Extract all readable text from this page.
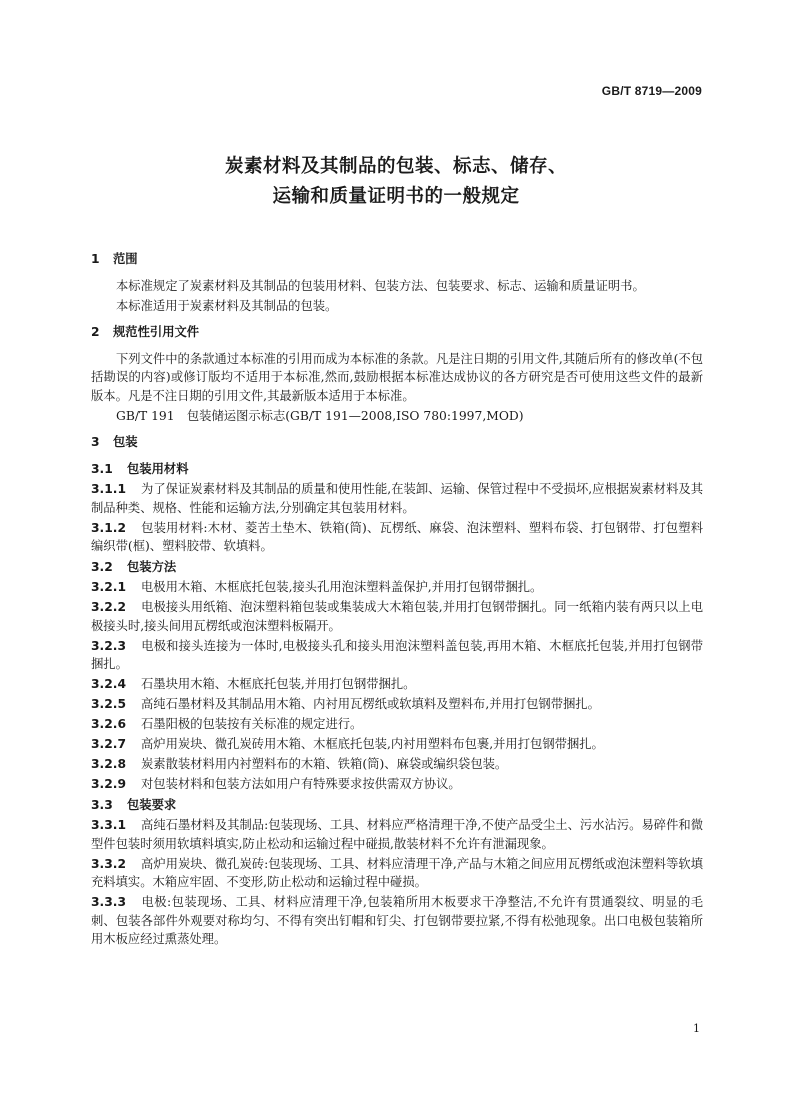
GB/T 8719—2009
炭素材料及其制品的包装、标志、储存、
运输和质量证明书的一般规定
1 范围
本标准规定了炭素材料及其制品的包装用材料、包装方法、包装要求、标志、运输和质量证明书。
本标准适用于炭素材料及其制品的包装。
2 规范性引用文件
下列文件中的条款通过本标准的引用而成为本标准的条款。凡是注日期的引用文件,其随后所有的修改单(不包括勘误的内容)或修订版均不适用于本标准,然而,鼓励根据本标准达成协议的各方研究是否可使用这些文件的最新版本。凡是不注日期的引用文件,其最新版本适用于本标准。
GB/T 191　包装储运图示标志(GB/T 191—2008,ISO 780:1997,MOD)
3 包装
3.1 包装用材料
3.1.1 为了保证炭素材料及其制品的质量和使用性能,在装卸、运输、保管过程中不受损坏,应根据炭素材料及其制品种类、规格、性能和运输方法,分别确定其包装用材料。
3.1.2 包装用材料:木材、菱苦土垫木、铁箱(筒)、瓦楞纸、麻袋、泡沫塑料、塑料布袋、打包钢带、打包塑料编织带(框)、塑料胶带、软填料。
3.2 包装方法
3.2.1 电极用木箱、木框底托包装,接头孔用泡沫塑料盖保护,并用打包钢带捆扎。
3.2.2 电极接头用纸箱、泡沫塑料箱包装或集装成大木箱包装,并用打包钢带捆扎。同一纸箱内装有两只以上电极接头时,接头间用瓦楞纸或泡沫塑料板隔开。
3.2.3 电极和接头连接为一体时,电极接头孔和接头用泡沫塑料盖包装,再用木箱、木框底托包装,并用打包钢带捆扎。
3.2.4 石墨块用木箱、木框底托包装,并用打包钢带捆扎。
3.2.5 高纯石墨材料及其制品用木箱、内衬用瓦楞纸或软填料及塑料布,并用打包钢带捆扎。
3.2.6 石墨阳极的包装按有关标准的规定进行。
3.2.7 高炉用炭块、微孔炭砖用木箱、木框底托包装,内衬用塑料布包裹,并用打包钢带捆扎。
3.2.8 炭素散装材料用内衬塑料布的木箱、铁箱(筒)、麻袋或编织袋包装。
3.2.9 对包装材料和包装方法如用户有特殊要求按供需双方协议。
3.3 包装要求
3.3.1 高纯石墨材料及其制品:包装现场、工具、材料应严格清理干净,不使产品受尘土、污水沾污。易碎件和微型件包装时须用软填料填实,防止松动和运输过程中碰损,散装材料不允许有泄漏现象。
3.3.2 高炉用炭块、微孔炭砖:包装现场、工具、材料应清理干净,产品与木箱之间应用瓦楞纸或泡沫塑料等软填充料填实。木箱应牢固、不变形,防止松动和运输过程中碰损。
3.3.3 电极:包装现场、工具、材料应清理干净,包装箱所用木板要求干净整洁,不允许有贯通裂纹、明显的毛刺、包装各部件外观要对称均匀、不得有突出钉帽和钉尖、打包钢带要拉紧,不得有松弛现象。出口电极包装箱所用木板应经过熏蒸处理。
1
